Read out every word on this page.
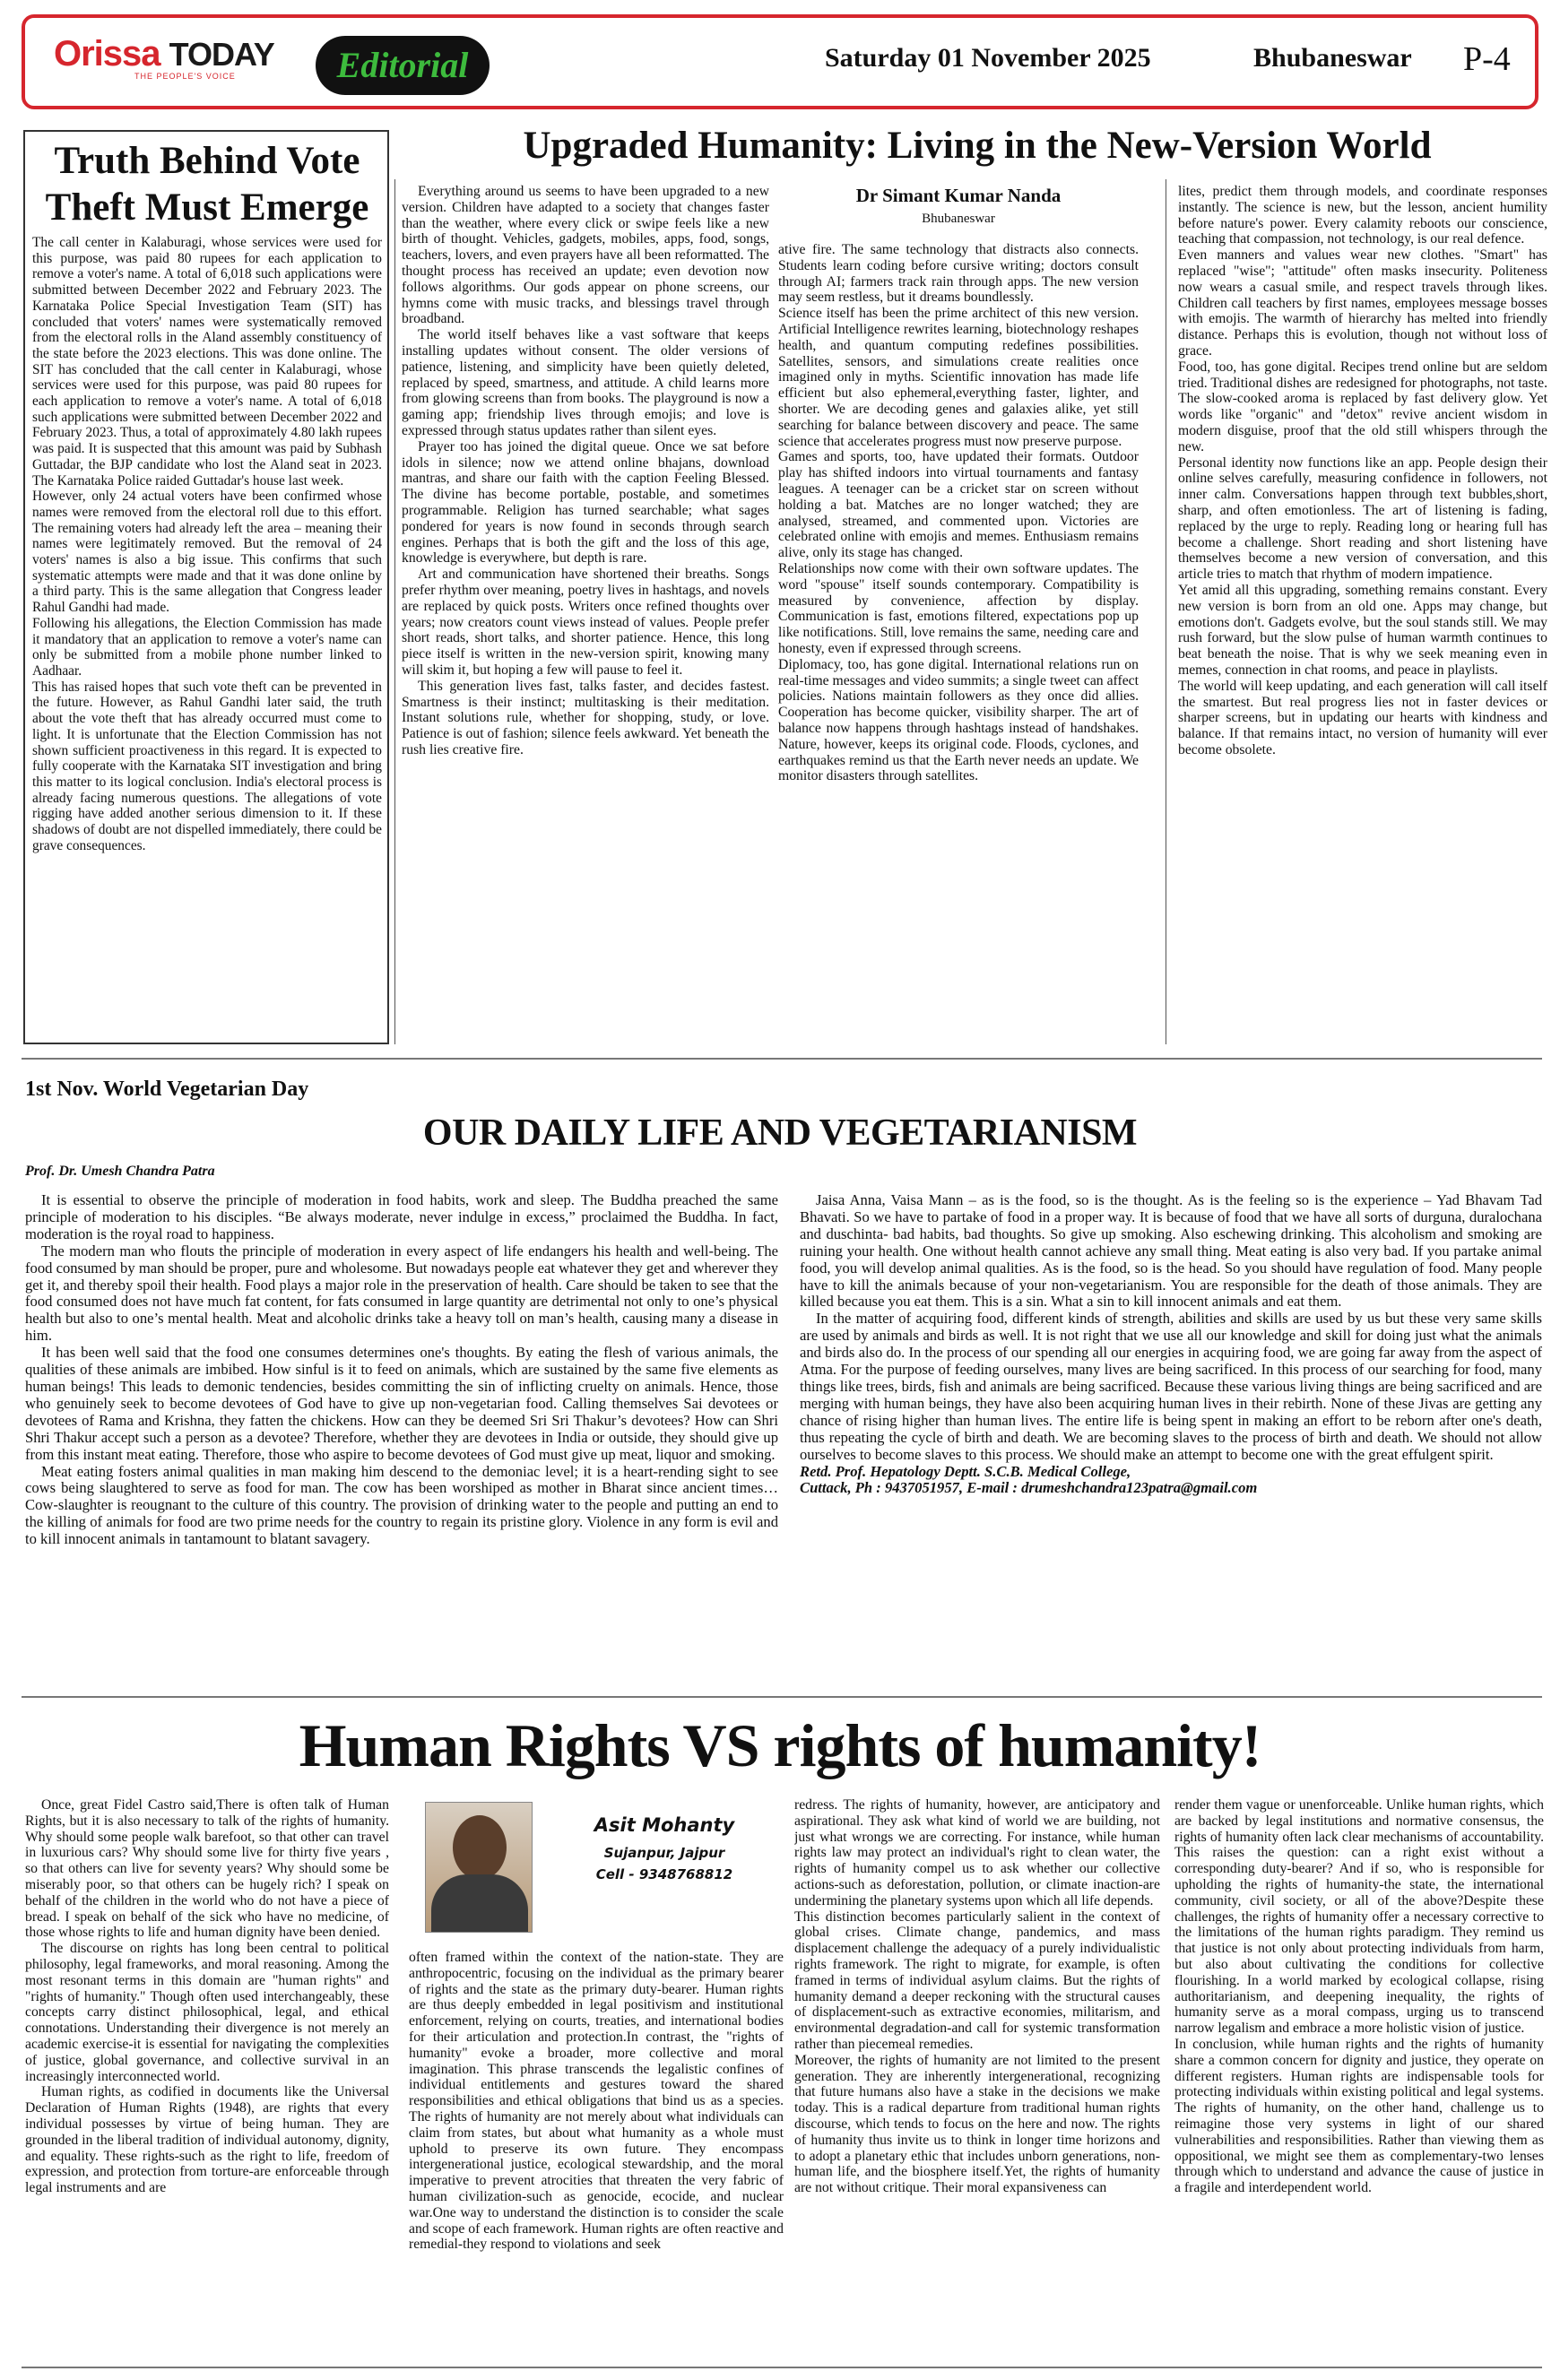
Orissa TODAY
THE PEOPLE'S VOICE	Editorial	Saturday 01 November 2025	Bhubaneswar P-4
Truth Behind Vote Theft Must Emerge

The call center in Kalaburagi, whose services were used for this purpose, was paid 80 rupees for each application to remove a voter's name. A total of 6,018 such applications were submitted between December 2022 and February 2023. The Karnataka Police Special Investigation Team (SIT) has concluded that voters' names were systematically removed from the electoral rolls in the Aland assembly constituency of the state before the 2023 elections. This was done online. The SIT has concluded that the call center in Kalaburagi, whose services were used for this purpose, was paid 80 rupees for each application to remove a voter's name. A total of 6,018 such applications were submitted between December 2022 and February 2023. Thus, a total of approximately 4.80 lakh rupees was paid. It is suspected that this amount was paid by Subhash Guttadar, the BJP candidate who lost the Aland seat in 2023. The Karnataka Police raided Guttadar's house last week.

However, only 24 actual voters have been confirmed whose names were removed from the electoral roll due to this effort. The remaining voters had already left the area – meaning their names were legitimately removed. But the removal of 24 voters' names is also a big issue. This confirms that such systematic attempts were made and that it was done online by a third party. This is the same allegation that Congress leader Rahul Gandhi had made.

Following his allegations, the Election Commission has made it mandatory that an application to remove a voter's name can only be submitted from a mobile phone number linked to Aadhaar.

This has raised hopes that such vote theft can be prevented in the future. However, as Rahul Gandhi later said, the truth about the vote theft that has already occurred must come to light. It is unfortunate that the Election Commission has not shown sufficient proactiveness in this regard. It is expected to fully cooperate with the Karnataka SIT investigation and bring this matter to its logical conclusion. India's electoral process is already facing numerous questions. The allegations of vote rigging have added another serious dimension to it. If these shadows of doubt are not dispelled immediately, there could be grave consequences.

Upgraded Humanity: Living in the New-Version World

Everything around us seems to have been upgraded to a new version. Children have adapted to a society that changes faster than the weather, where every click or swipe feels like a new birth of thought. Vehicles, gadgets, mobiles, apps, food, songs, teachers, lovers, and even prayers have all been reformatted. The thought process has received an update; even devotion now follows algorithms. Our gods appear on phone screens, our hymns come with music tracks, and blessings travel through broadband.

The world itself behaves like a vast software that keeps installing updates without consent. The older versions of patience, listening, and simplicity have been quietly deleted, replaced by speed, smartness, and attitude. A child learns more from glowing screens than from books. The playground is now a gaming app; friendship lives through emojis; and love is expressed through status updates rather than silent eyes.

Prayer too has joined the digital queue. Once we sat before idols in silence; now we attend online bhajans, download mantras, and share our faith with the caption Feeling Blessed. The divine has become portable, postable, and sometimes programmable. Religion has turned searchable; what sages pondered for years is now found in seconds through search engines. Perhaps that is both the gift and the loss of this age, knowledge is everywhere, but depth is rare.

Art and communication have shortened their breaths. Songs prefer rhythm over meaning, poetry lives in hashtags, and novels are replaced by quick posts. Writers once refined thoughts over years; now creators count views instead of values. People prefer short reads, short talks, and shorter patience. Hence, this long piece itself is written in the new-version spirit, knowing many will skim it, but hoping a few will pause to feel it.

This generation lives fast, talks faster, and decides fastest. Smartness is their instinct; multitasking is their meditation. Instant solutions rule, whether for shopping, study, or love. Patience is out of fashion; silence feels awkward. Yet beneath the rush lies creative fire.

Dr Simant Kumar Nanda
Bhubaneswar

ative fire. The same technology that distracts also connects. Students learn coding before cursive writing; doctors consult through AI; farmers track rain through apps. The new version may seem restless, but it dreams boundlessly.

Science itself has been the prime architect of this new version. Artificial Intelligence rewrites learning, biotechnology reshapes health, and quantum computing redefines possibilities. Satellites, sensors, and simulations create realities once imagined only in myths. Scientific innovation has made life efficient but also ephemeral,everything faster, lighter, and shorter. We are decoding genes and galaxies alike, yet still searching for balance between discovery and peace. The same science that accelerates progress must now preserve purpose.

Games and sports, too, have updated their formats. Outdoor play has shifted indoors into virtual tournaments and fantasy leagues. A teenager can be a cricket star on screen without holding a bat. Matches are no longer watched; they are analysed, streamed, and commented upon. Victories are celebrated online with emojis and memes. Enthusiasm remains alive, only its stage has changed.

Relationships now come with their own software updates. The word "spouse" itself sounds contemporary. Compatibility is measured by convenience, affection by display. Communication is fast, emotions filtered, expectations pop up like notifications. Still, love remains the same, needing care and honesty, even if expressed through screens.

Diplomacy, too, has gone digital. International relations run on real-time messages and video summits; a single tweet can affect policies. Nations maintain followers as they once did allies. Cooperation has become quicker, visibility sharper. The art of balance now happens through hashtags instead of handshakes. Nature, however, keeps its original code. Floods, cyclones, and earthquakes remind us that the Earth never needs an update. We monitor disasters through satellites.

lites, predict them through models, and coordinate responses instantly. The science is new, but the lesson, ancient humility before nature's power. Every calamity reboots our conscience, teaching that compassion, not technology, is our real defence.

Even manners and values wear new clothes. "Smart" has replaced "wise"; "attitude" often masks insecurity. Politeness now wears a casual smile, and respect travels through likes. Children call teachers by first names, employees message bosses with emojis. The warmth of hierarchy has melted into friendly distance. Perhaps this is evolution, though not without loss of grace.

Food, too, has gone digital. Recipes trend online but are seldom tried. Traditional dishes are redesigned for photographs, not taste. The slow-cooked aroma is replaced by fast delivery glow. Yet words like "organic" and "detox" revive ancient wisdom in modern disguise, proof that the old still whispers through the new.

Personal identity now functions like an app. People design their online selves carefully, measuring confidence in followers, not inner calm. Conversations happen through text bubbles,short, sharp, and often emotionless. The art of listening is fading, replaced by the urge to reply. Reading long or hearing full has become a challenge. Short reading and short listening have themselves become a new version of conversation, and this article tries to match that rhythm of modern impatience.

Yet amid all this upgrading, something remains constant. Every new version is born from an old one. Apps may change, but emotions don't. Gadgets evolve, but the soul stands still. We may rush forward, but the slow pulse of human warmth continues to beat beneath the noise. That is why we seek meaning even in memes, connection in chat rooms, and peace in playlists.

The world will keep updating, and each generation will call itself the smartest. But real progress lies not in faster devices or sharper screens, but in updating our hearts with kindness and balance. If that remains intact, no version of humanity will ever become obsolete.

1st Nov. World Vegetarian Day
OUR DAILY LIFE AND VEGETARIANISM
Prof. Dr. Umesh Chandra Patra

It is essential to observe the principle of moderation in food habits, work and sleep. The Buddha preached the same principle of moderation to his disciples. “Be always moderate, never indulge in excess,” proclaimed the Buddha. In fact, moderation is the royal road to happiness.

The modern man who flouts the principle of moderation in every aspect of life endangers his health and well-being. The food consumed by man should be proper, pure and wholesome. But nowadays people eat whatever they get and wherever they get it, and thereby spoil their health. Food plays a major role in the preservation of health. Care should be taken to see that the food consumed does not have much fat content, for fats consumed in large quantity are detrimental not only to one’s physical health but also to one’s mental health. Meat and alcoholic drinks take a heavy toll on man’s health, causing many a disease in him.

It has been well said that the food one consumes determines one's thoughts. By eating the flesh of various animals, the qualities of these animals are imbibed. How sinful is it to feed on animals, which are sustained by the same five elements as human beings! This leads to demonic tendencies, besides committing the sin of inflicting cruelty on animals. Hence, those who genuinely seek to become devotees of God have to give up non-vegetarian food. Calling themselves Sai devotees or devotees of Rama and Krishna, they fatten the chickens. How can they be deemed Sri Sri Thakur’s devotees? How can Shri Shri Thakur accept such a person as a devotee? Therefore, whether they are devotees in India or outside, they should give up from this instant meat eating. Therefore, those who aspire to become devotees of God must give up meat, liquor and smoking.

Meat eating fosters animal qualities in man making him descend to the demoniac level; it is a heart-rending sight to see cows being slaughtered to serve as food for man. The cow has been worshiped as mother in Bharat since ancient times… Cow-slaughter is reougnant to the culture of this country. The provision of drinking water to the people and putting an end to the killing of animals for food are two prime needs for the country to regain its pristine glory. Violence in any form is evil and to kill innocent animals in tantamount to blatant savagery.

Jaisa Anna, Vaisa Mann – as is the food, so is the thought. As is the feeling so is the experience – Yad Bhavam Tad Bhavati. So we have to partake of food in a proper way. It is because of food that we have all sorts of durguna, duralochana and duschinta- bad habits, bad thoughts. So give up smoking. Also eschewing drinking. This alcoholism and smoking are ruining your health. One without health cannot achieve any small thing. Meat eating is also very bad. If you partake animal food, you will develop animal qualities. As is the food, so is the head. So you should have regulation of food. Many people have to kill the animals because of your non-vegetarianism. You are responsible for the death of those animals. They are killed because you eat them. This is a sin. What a sin to kill innocent animals and eat them.

In the matter of acquiring food, different kinds of strength, abilities and skills are used by us but these very same skills are used by animals and birds as well. It is not right that we use all our knowledge and skill for doing just what the animals and birds also do. In the process of our spending all our energies in acquiring food, we are going far away from the aspect of Atma. For the purpose of feeding ourselves, many lives are being sacrificed. In this process of our searching for food, many things like trees, birds, fish and animals are being sacrificed. Because these various living things are being sacrificed and are merging with human beings, they have also been acquiring human lives in their rebirth. None of these Jivas are getting any chance of rising higher than human lives. The entire life is being spent in making an effort to be reborn after one's death, thus repeating the cycle of birth and death. We are becoming slaves to the process of birth and death. We should not allow ourselves to become slaves to this process. We should make an attempt to become one with the great effulgent spirit.

Retd. Prof. Hepatology Deptt. S.C.B. Medical College,
Cuttack, Ph : 9437051957, E-mail : drumeshchandra123patra@gmail.com
Human Rights VS rights of humanity!

Once, great Fidel Castro said,There is often talk of Human Rights, but it is also necessary to talk of the rights of humanity. Why should some people walk barefoot, so that other can travel in luxurious cars? Why should some live for thirty five years , so that others can live for seventy years? Why should some be miserably poor, so that others can be hugely rich? I speak on behalf of the children in the world who do not have a piece of bread. I speak on behalf of the sick who have no medicine, of those whose rights to life and human dignity have been denied.

The discourse on rights has long been central to political philosophy, legal frameworks, and moral reasoning. Among the most resonant terms in this domain are "human rights" and "rights of humanity." Though often used interchangeably, these concepts carry distinct philosophical, legal, and ethical connotations. Understanding their divergence is not merely an academic exercise-it is essential for navigating the complexities of justice, global governance, and collective survival in an increasingly interconnected world.

Human rights, as codified in documents like the Universal Declaration of Human Rights (1948), are rights that every individual possesses by virtue of being human. They are grounded in the liberal tradition of individual autonomy, dignity, and equality. These rights-such as the right to life, freedom of expression, and protection from torture-are enforceable through legal instruments and are

Asit Mohanty
Sujanpur, Jajpur
Cell - 9348768812

often framed within the context of the nation-state. They are anthropocentric, focusing on the individual as the primary bearer of rights and the state as the primary duty-bearer. Human rights are thus deeply embedded in legal positivism and institutional enforcement, relying on courts, treaties, and international bodies for their articulation and protection.In contrast, the "rights of humanity" evoke a broader, more collective and moral imagination. This phrase transcends the legalistic confines of individual entitlements and gestures toward the shared responsibilities and ethical obligations that bind us as a species. The rights of humanity are not merely about what individuals can claim from states, but about what humanity as a whole must uphold to preserve its own future. They encompass intergenerational justice, ecological stewardship, and the moral imperative to prevent atrocities that threaten the very fabric of human civilization-such as genocide, ecocide, and nuclear war.One way to understand the distinction is to consider the scale and scope of each framework. Human rights are often reactive and remedial-they respond to violations and seek

redress. The rights of humanity, however, are anticipatory and aspirational. They ask what kind of world we are building, not just what wrongs we are correcting. For instance, while human rights law may protect an individual's right to clean water, the rights of humanity compel us to ask whether our collective actions-such as deforestation, pollution, or climate inaction-are undermining the planetary systems upon which all life depends.

This distinction becomes particularly salient in the context of global crises. Climate change, pandemics, and mass displacement challenge the adequacy of a purely individualistic rights framework. The right to migrate, for example, is often framed in terms of individual asylum claims. But the rights of humanity demand a deeper reckoning with the structural causes of displacement-such as extractive economies, militarism, and environmental degradation-and call for systemic transformation rather than piecemeal remedies.

Moreover, the rights of humanity are not limited to the present generation. They are inherently intergenerational, recognizing that future humans also have a stake in the decisions we make today. This is a radical departure from traditional human rights discourse, which tends to focus on the here and now. The rights of humanity thus invite us to think in longer time horizons and to adopt a planetary ethic that includes unborn generations, non-human life, and the biosphere itself.Yet, the rights of humanity are not without critique. Their moral expansiveness can

render them vague or unenforceable. Unlike human rights, which are backed by legal institutions and normative consensus, the rights of humanity often lack clear mechanisms of accountability. This raises the question: can a right exist without a corresponding duty-bearer? And if so, who is responsible for upholding the rights of humanity-the state, the international community, civil society, or all of the above?Despite these challenges, the rights of humanity offer a necessary corrective to the limitations of the human rights paradigm. They remind us that justice is not only about protecting individuals from harm, but also about cultivating the conditions for collective flourishing. In a world marked by ecological collapse, rising authoritarianism, and deepening inequality, the rights of humanity serve as a moral compass, urging us to transcend narrow legalism and embrace a more holistic vision of justice.

In conclusion, while human rights and the rights of humanity share a common concern for dignity and justice, they operate on different registers. Human rights are indispensable tools for protecting individuals within existing political and legal systems. The rights of humanity, on the other hand, challenge us to reimagine those very systems in light of our shared vulnerabilities and responsibilities. Rather than viewing them as oppositional, we might see them as complementary-two lenses through which to understand and advance the cause of justice in a fragile and interdependent world.
